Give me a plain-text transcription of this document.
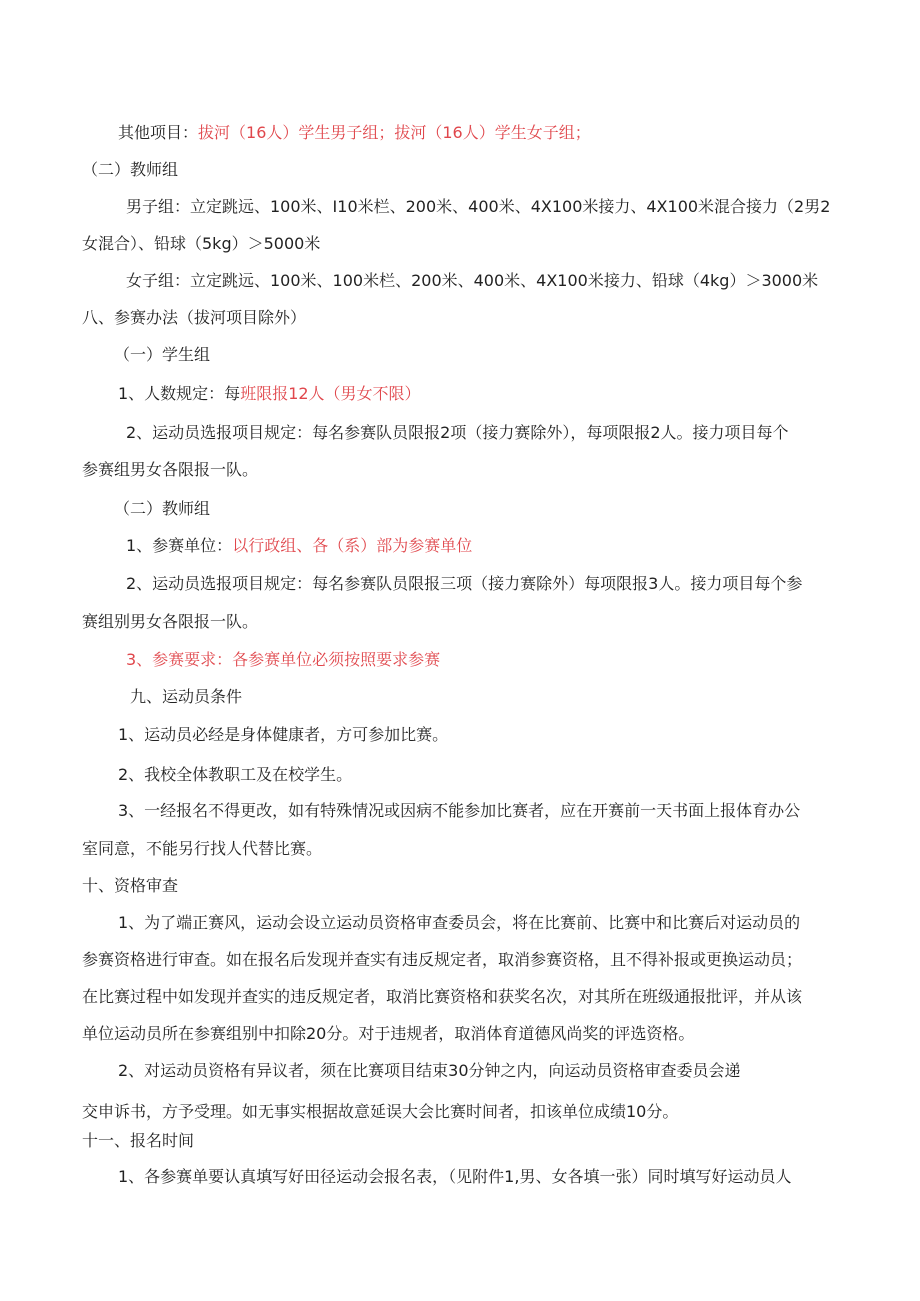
其他项目：拔河（16人）学生男子组；拔河（16人）学生女子组；
（二）教师组
男子组：立定跳远、100米、I10米栏、200米、400米、4X100米接力、4X100米混合接力（2男2
女混合）、铅球（5kg）＞5000米
女子组：立定跳远、100米、100米栏、200米、400米、4X100米接力、铅球（4kg）＞3000米
八、参赛办法（拔河项目除外）
（一）学生组
1、人数规定：每班限报12人（男女不限）
2、运动员选报项目规定：每名参赛队员限报2项（接力赛除外），每项限报2人。接力项目每个
参赛组男女各限报一队。
（二）教师组
1、参赛单位：以行政组、各（系）部为参赛单位
2、运动员选报项目规定：每名参赛队员限报三项（接力赛除外）每项限报3人。接力项目每个参
赛组别男女各限报一队。
3、参赛要求：各参赛单位必须按照要求参赛
九、运动员条件
1、运动员必经是身体健康者，方可参加比赛。
2、我校全体教职工及在校学生。
3、一经报名不得更改，如有特殊情况或因病不能参加比赛者，应在开赛前一天书面上报体育办公
室同意，不能另行找人代替比赛。
十、资格审查
1、为了端正赛风，运动会设立运动员资格审查委员会，将在比赛前、比赛中和比赛后对运动员的
参赛资格进行审查。如在报名后发现并查实有违反规定者，取消参赛资格，且不得补报或更换运动员；
在比赛过程中如发现并查实的违反规定者，取消比赛资格和获奖名次，对其所在班级通报批评，并从该
单位运动员所在参赛组别中扣除20分。对于违规者，取消体育道德风尚奖的评选资格。
2、对运动员资格有异议者，须在比赛项目结束30分钟之内，向运动员资格审查委员会递
交申诉书，方予受理。如无事实根据故意延误大会比赛时间者，扣该单位成绩10分。
十一、报名时间
1、各参赛单要认真填写好田径运动会报名表，（见附件1,男、女各填一张）同时填写好运动员人
